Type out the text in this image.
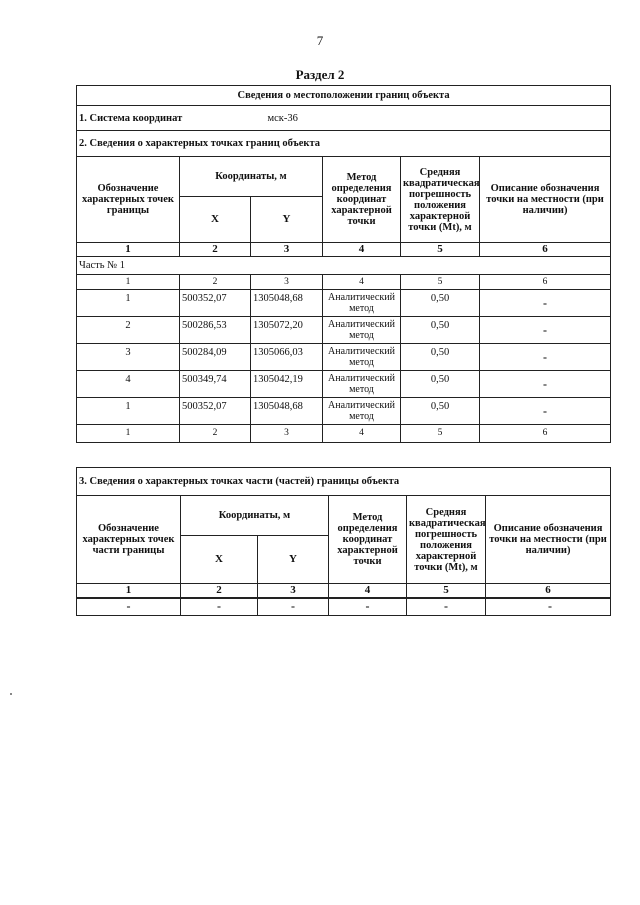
7
Раздел 2
Сведения о местоположении границ объекта					
1. Система координат мск-36					
2. Сведения о характерных точках границ объекта					
Обозначение характерных точек границы	Координаты, м		Метод определения координат характерной точки	Средняя квадратическая погрешность положения характерной точки (Mt), м	Описание обозначения точки на местности (при наличии)
	X	Y			
1	2	3	4	5	6
Часть № 1					
1	2	3	4	5	6
1	500352,07	1305048,68	Аналитический метод	0,50	-
2	500286,53	1305072,20	Аналитический метод	0,50	-
3	500284,09	1305066,03	Аналитический метод	0,50	-
4	500349,74	1305042,19	Аналитический метод	0,50	-
1	500352,07	1305048,68	Аналитический метод	0,50	-
1	2	3	4	5	6
3. Сведения о характерных точках части (частей) границы объекта					
Обозначение характерных точек части границы	Координаты, м		Метод определения координат характерной точки	Средняя квадратическая погрешность положения характерной точки (Mt), м	Описание обозначения точки на местности (при наличии)
	X	Y			
1	2	3	4	5	6
-	-	-	-	-	-
